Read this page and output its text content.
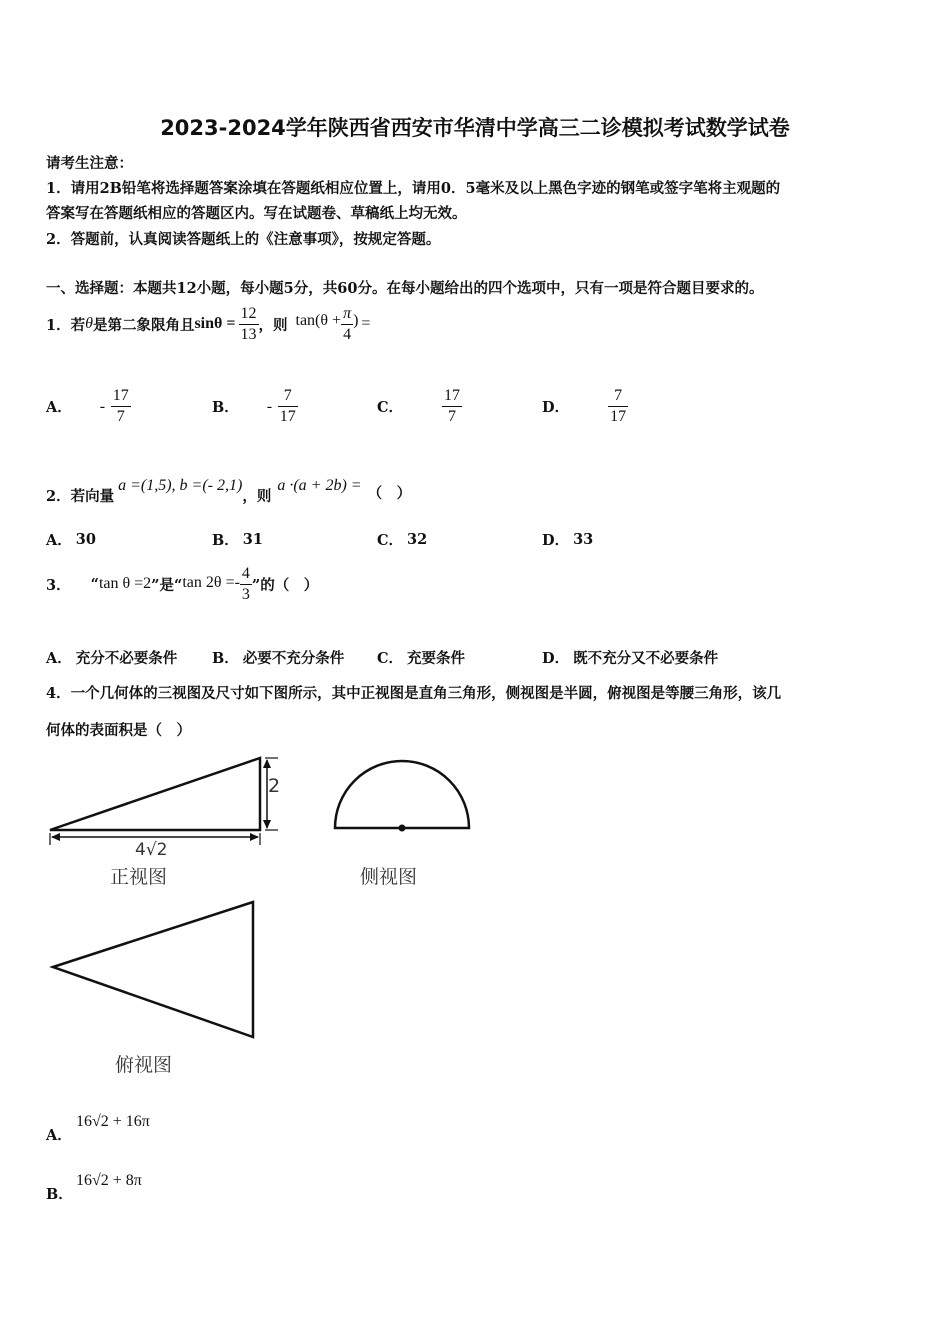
2023-2024学年陕西省西安市华清中学高三二诊模拟考试数学试卷
请考生注意：
1．请用2B铅笔将选择题答案涂填在答题纸相应位置上，请用0．5毫米及以上黑色字迹的钢笔或签字笔将主观题的
答案写在答题纸相应的答题区内。写在试题卷、草稿纸上均无效。
2．答题前，认真阅读答题纸上的《注意事项》，按规定答题。
一、选择题：本题共12小题，每小题5分，共60分。在每小题给出的四个选项中，只有一项是符合题目要求的。
1．若 θ 是第二象限角且 $\sin\theta = \frac{12}{13}$ ，则 $\tan(\theta + \frac{\pi}{4}$ ) =
A． - $\frac{17}{7}$	B． - $\frac{7}{17}$	C． $\frac{17}{7}$	D． $\frac{7}{17}$
2．若向量
a =(1,5), b =(- 2,1)
，则
a ·(a + 2b) = （　）
A． 30	B． 31	C． 32	D． 33
3． “ tan θ =2 ”是“ $\tan 2\theta =- \frac{4}{3}$ ”的（　）
A． 充分不必要条件 B． 必要不充分条件 C． 充要条件	D． 既不充分又不必要条件
4．一个几何体的三视图及尺寸如下图所示，其中正视图是直角三角形，侧视图是半圆，俯视图是等腰三角形，该几
何体的表面积是（　）
2
4√2
正视图	侧视图
俯视图
A．
16√2 + 16π
B．
16√2 + 8π
